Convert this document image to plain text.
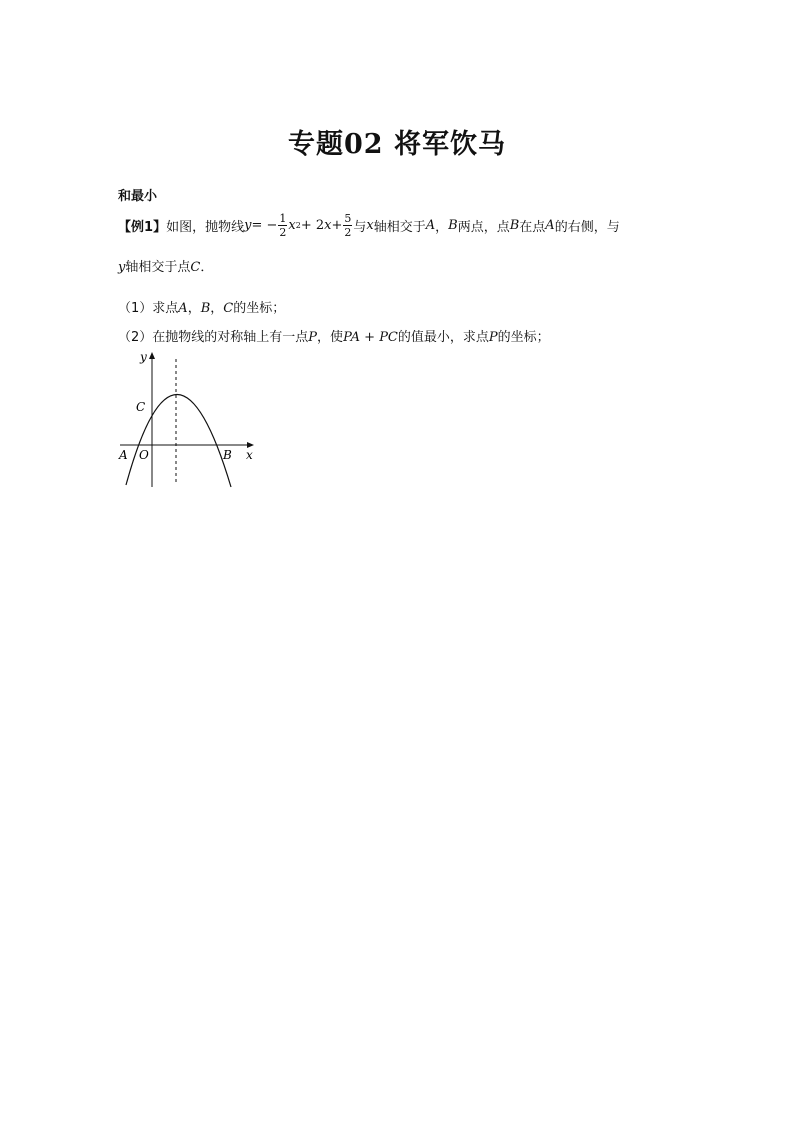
专题02 将军饮马
和最小
【 例1 】 如图，抛物线 y = − $\frac{1}{2}$ x 2 + 2 $x + \frac{5}{2}$ 与 x 轴相交于 A ， B 两点，点 B 在点 A 的右侧，与
y轴相交于点C．
（1）求点A，B，C的坐标；
（2）在抛物线的对称轴上有一点P，使PA + PC的值最小，求点P的坐标；
y
x
C
A O	B
